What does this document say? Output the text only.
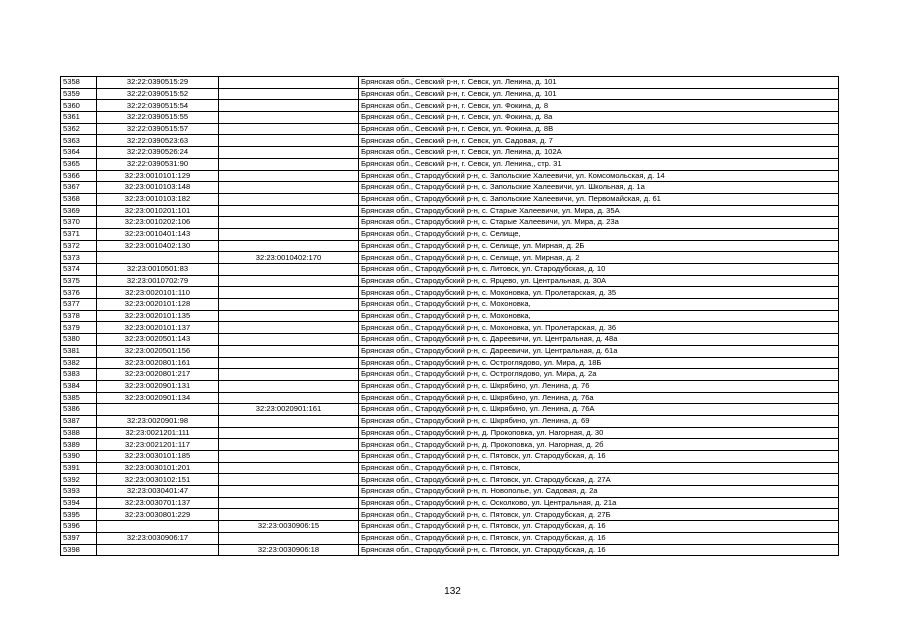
5358	32:22:0390515:29		Брянская обл., Севский р-н, г. Севск, ул. Ленина, д. 101
5359	32:22:0390515:52		Брянская обл., Севский р-н, г. Севск, ул. Ленина, д. 101
5360	32:22:0390515:54		Брянская обл., Севский р-н, г. Севск, ул. Фокина, д. 8
5361	32:22:0390515:55		Брянская обл., Севский р-н, г. Севск, ул. Фокина, д. 8а
5362	32:22:0390515:57		Брянская обл., Севский р-н, г. Севск, ул. Фокина, д. 8В
5363	32:22:0390523:63		Брянская обл., Севский р-н, г. Севск, ул. Садовая, д. 7
5364	32:22:0390526:24		Брянская обл., Севский р-н, г. Севск, ул. Ленина, д. 102А
5365	32:22:0390531:90		Брянская обл., Севский р-н, г. Севск, ул. Ленина,, стр. 31
5366	32:23:0010101:129		Брянская обл., Стародубский р-н, с. Запольские Халеевичи, ул. Комсомольская, д. 14
5367	32:23:0010103:148		Брянская обл., Стародубский р-н, с. Запольские Халеевичи, ул. Школьная, д. 1а
5368	32:23:0010103:182		Брянская обл., Стародубский р-н, с. Запольские Халеевичи, ул. Первомайская, д. 61
5369	32:23:0010201:101		Брянская обл., Стародубский р-н, с. Старые Халеевичи, ул. Мира, д. 35А
5370	32:23:0010202:106		Брянская обл., Стародубский р-н, с. Старые Халеевичи, ул. Мира, д. 23а
5371	32:23:0010401:143		Брянская обл., Стародубский р-н, с. Селище,
5372	32:23:0010402:130		Брянская обл., Стародубский р-н, с. Селище, ул. Мирная, д. 2Б
5373		32:23:0010402:170	Брянская обл., Стародубский р-н, с. Селище, ул. Мирная, д. 2
5374	32:23:0010501:83		Брянская обл., Стародубский р-н, с. Литовск, ул. Стародубская, д. 10
5375	32:23:0010702:79		Брянская обл., Стародубский р-н, с. Ярцево, ул. Центральная, д. 30А
5376	32:23:0020101:110		Брянская обл., Стародубский р-н, с. Мохоновка, ул. Пролетарская, д. 35
5377	32:23:0020101:128		Брянская обл., Стародубский р-н, с. Мохоновка,
5378	32:23:0020101:135		Брянская обл., Стародубский р-н, с. Мохоновка,
5379	32:23:0020101:137		Брянская обл., Стародубский р-н, с. Мохоновка, ул. Пролетарская, д. 36
5380	32:23:0020501:143		Брянская обл., Стародубский р-н, с. Дареевичи, ул. Центральная, д. 48а
5381	32:23:0020501:156		Брянская обл., Стародубский р-н, с. Дареевичи, ул. Центральная, д. 61а
5382	32:23:0020801:161		Брянская обл., Стародубский р-н, с. Остроглядово, ул. Мира, д. 18Б
5383	32:23:0020801:217		Брянская обл., Стародубский р-н, с. Остроглядово, ул. Мира, д. 2а
5384	32:23:0020901:131		Брянская обл., Стародубский р-н, с. Шкрябино, ул. Ленина, д. 76
5385	32:23:0020901:134		Брянская обл., Стародубский р-н, с. Шкрябино, ул. Ленина, д. 76а
5386		32:23:0020901:161	Брянская обл., Стародубский р-н, с. Шкрябино, ул. Ленина, д. 76А
5387	32:23:0020901:98		Брянская обл., Стародубский р-н, с. Шкрябино, ул. Ленина, д. 69
5388	32:23:0021201:111		Брянская обл., Стародубский р-н, д. Прокоповка, ул. Нагорная, д. 30
5389	32:23:0021201:117		Брянская обл., Стародубский р-н, д. Прокоповка, ул. Нагорная, д. 2б
5390	32:23:0030101:185		Брянская обл., Стародубский р-н, с. Пятовск, ул. Стародубская, д. 16
5391	32:23:0030101:201		Брянская обл., Стародубский р-н, с. Пятовск,
5392	32:23:0030102:151		Брянская обл., Стародубский р-н, с. Пятовск, ул. Стародубская, д. 27А
5393	32:23:0030401:47		Брянская обл., Стародубский р-н, п. Новополье, ул. Садовая, д. 2а
5394	32:23:0030701:137		Брянская обл., Стародубский р-н, с. Осколково, ул. Центральная, д. 21а
5395	32:23:0030801:229		Брянская обл., Стародубский р-н, с. Пятовск, ул. Стародубская, д. 27Б
5396		32:23:0030906:15	Брянская обл., Стародубский р-н, с. Пятовск, ул. Стародубская, д. 16
5397	32:23:0030906:17		Брянская обл., Стародубский р-н, с. Пятовск, ул. Стародубская, д. 16
5398		32:23:0030906:18	Брянская обл., Стародубский р-н, с. Пятовск, ул. Стародубская, д. 16
132
